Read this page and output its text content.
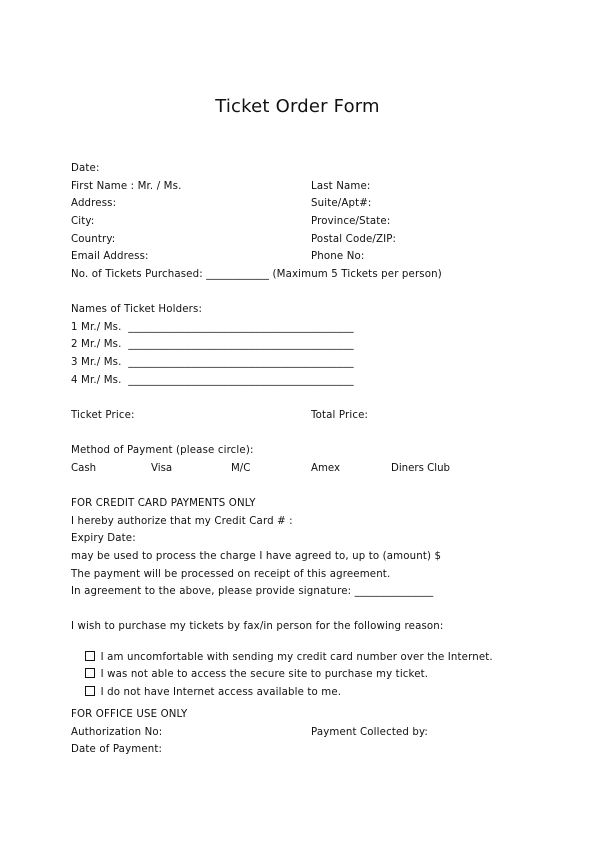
Ticket Order Form
Date:
First Name : Mr. / Ms.	Last Name:
Address:	Suite/Apt#:
City:	Province/State:
Country:	Postal Code/ZIP:
Email Address:	Phone No:
No. of Tickets Purchased: ____________ (Maximum 5 Tickets per person)
Names of Ticket Holders:
1 Mr./ Ms.  ___________________________________________
2 Mr./ Ms.  ___________________________________________
3 Mr./ Ms.  ___________________________________________
4 Mr./ Ms.  ___________________________________________
Ticket Price:	Total Price:
Method of Payment (please circle):
Cash	Visa	M/C	Amex	Diners Club
FOR CREDIT CARD PAYMENTS ONLY
I hereby authorize that my Credit Card # :
Expiry Date:
may be used to process the charge I have agreed to, up to (amount) $
The payment will be processed on receipt of this agreement.
In agreement to the above, please provide signature: _______________
I wish to purchase my tickets by fax/in person for the following reason:

I am uncomfortable with sending my credit card number over the Internet.

I was not able to access the secure site to purchase my ticket.

I do not have Internet access available to me.

FOR OFFICE USE ONLY
Authorization No:	Payment Collected by:
Date of Payment:
